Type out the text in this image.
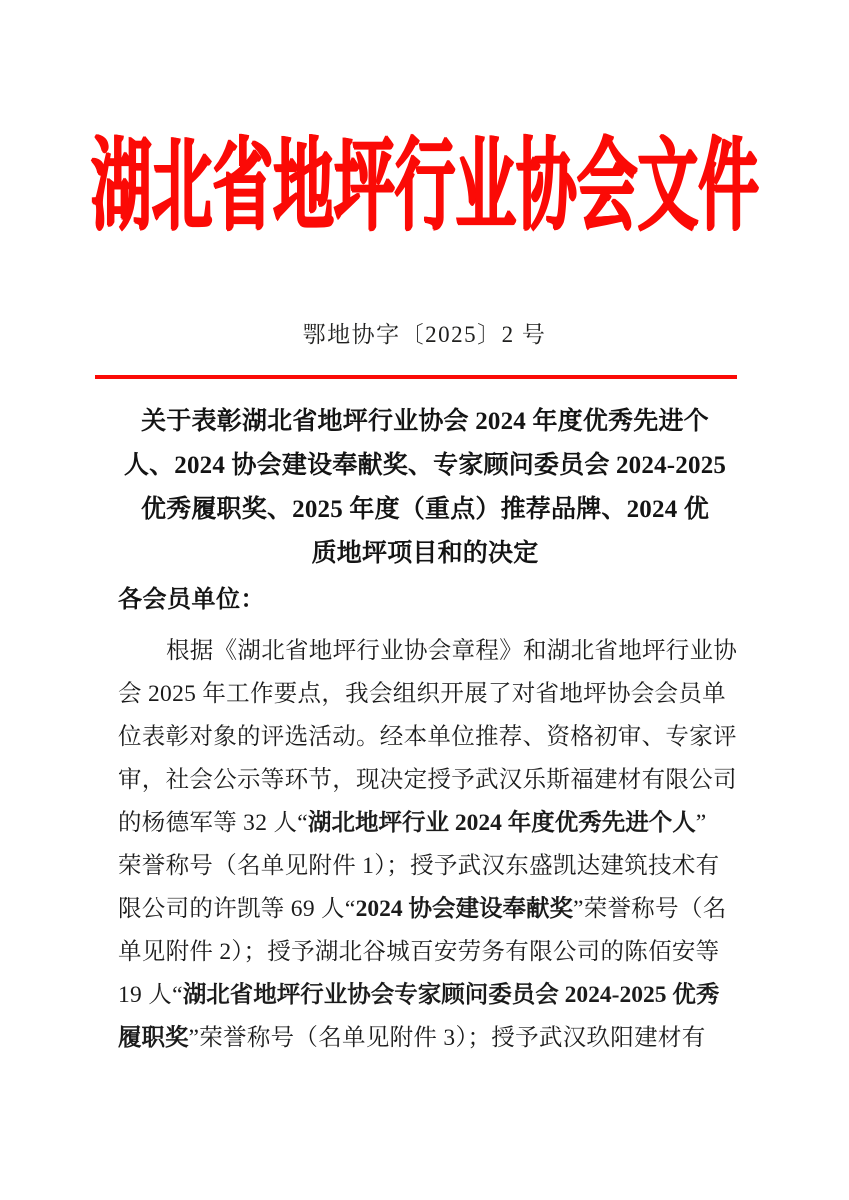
湖北省地坪行业协会文件
鄂地协字〔2025〕2 号
关于表彰湖北省地坪行业协会 2024 年度优秀先进个
人、2024 协会建设奉献奖、专家顾问委员会 2024-2025
优秀履职奖、2025 年度（重点）推荐品牌、2024 优
质地坪项目和的决定
各会员单位：
根据《湖北省地坪行业协会章程》和湖北省地坪行业协
会 2025 年工作要点，我会组织开展了对省地坪协会会员单
位表彰对象的评选活动。经本单位推荐、资格初审、专家评
审，社会公示等环节，现决定授予武汉乐斯福建材有限公司
的杨德军等 32 人“湖北地坪行业 2024 年度优秀先进个人”
荣誉称号（名单见附件 1）；授予武汉东盛凯达建筑技术有
限公司的许凯等 69 人“2024 协会建设奉献奖”荣誉称号（名
单见附件 2）；授予湖北谷城百安劳务有限公司的陈佰安等
19 人“湖北省地坪行业协会专家顾问委员会 2024-2025 优秀
履职奖”荣誉称号（名单见附件 3）；授予武汉玖阳建材有
